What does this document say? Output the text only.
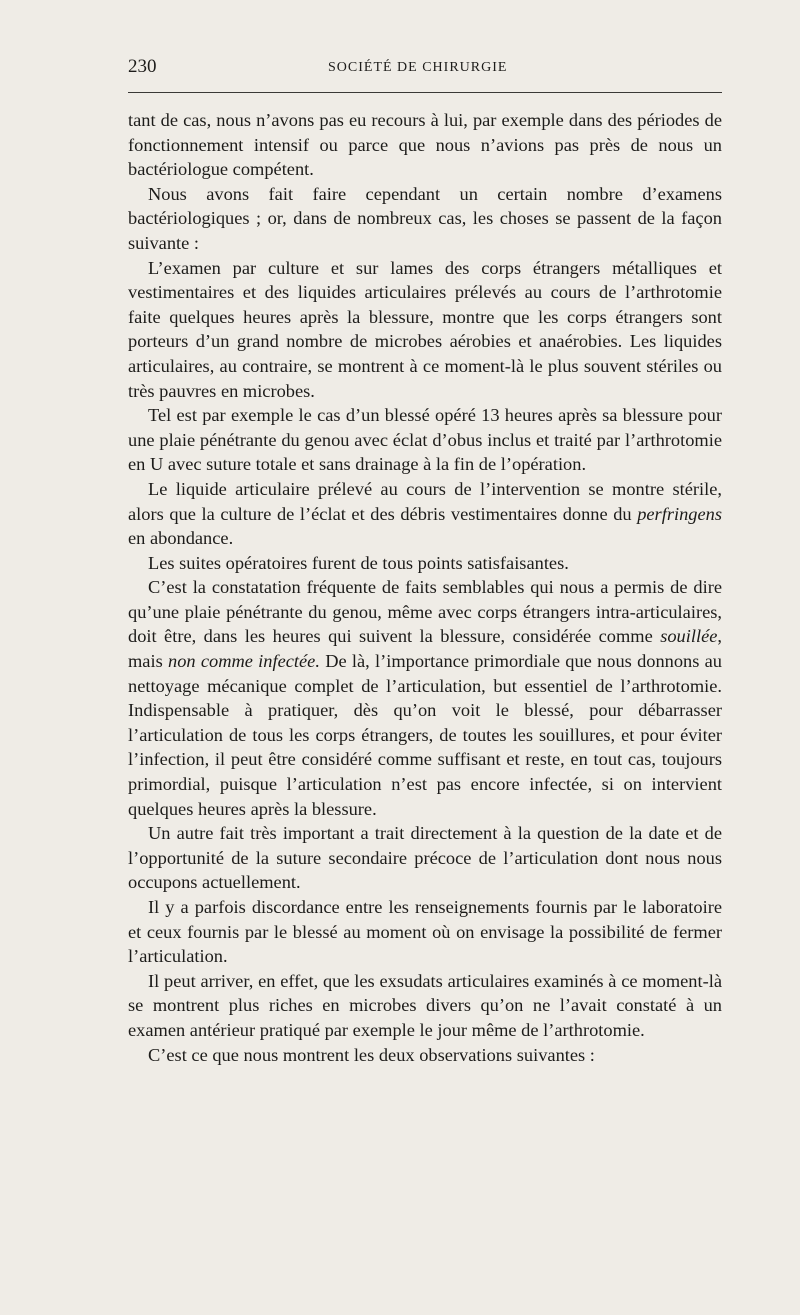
230	SOCIÉTÉ DE CHIRURGIE

tant de cas, nous n’avons pas eu recours à lui, par exemple dans des périodes de fonctionnement intensif ou parce que nous n’avions pas près de nous un bactériologue compétent.

Nous avons fait faire cependant un certain nombre d’examens bactériologiques ; or, dans de nombreux cas, les choses se passent de la façon suivante :

L’examen par culture et sur lames des corps étrangers métalliques et vestimentaires et des liquides articulaires prélevés au cours de l’arthrotomie faite quelques heures après la blessure, montre que les corps étrangers sont porteurs d’un grand nombre de microbes aérobies et anaérobies. Les liquides articulaires, au contraire, se montrent à ce moment-là le plus souvent stériles ou très pauvres en microbes.

Tel est par exemple le cas d’un blessé opéré 13 heures après sa blessure pour une plaie pénétrante du genou avec éclat d’obus inclus et traité par l’arthrotomie en U avec suture totale et sans drainage à la fin de l’opération.

Le liquide articulaire prélevé au cours de l’intervention se montre stérile, alors que la culture de l’éclat et des débris vestimentaires donne du perfringens en abondance.

Les suites opératoires furent de tous points satisfaisantes.

C’est la constatation fréquente de faits semblables qui nous a permis de dire qu’une plaie pénétrante du genou, même avec corps étrangers intra-articulaires, doit être, dans les heures qui suivent la blessure, considérée comme souillée, mais non comme infectée. De là, l’importance primordiale que nous donnons au nettoyage mécanique complet de l’articulation, but essentiel de l’arthrotomie. Indispensable à pratiquer, dès qu’on voit le blessé, pour débarrasser l’articulation de tous les corps étrangers, de toutes les souillures, et pour éviter l’infection, il peut être considéré comme suffisant et reste, en tout cas, toujours primordial, puisque l’articulation n’est pas encore infectée, si on intervient quelques heures après la blessure.

Un autre fait très important a trait directement à la question de la date et de l’opportunité de la suture secondaire précoce de l’articulation dont nous nous occupons actuellement.

Il y a parfois discordance entre les renseignements fournis par le laboratoire et ceux fournis par le blessé au moment où on envisage la possibilité de fermer l’articulation.

Il peut arriver, en effet, que les exsudats articulaires examinés à ce moment-là se montrent plus riches en microbes divers qu’on ne l’avait constaté à un examen antérieur pratiqué par exemple le jour même de l’arthrotomie.

C’est ce que nous montrent les deux observations suivantes :
